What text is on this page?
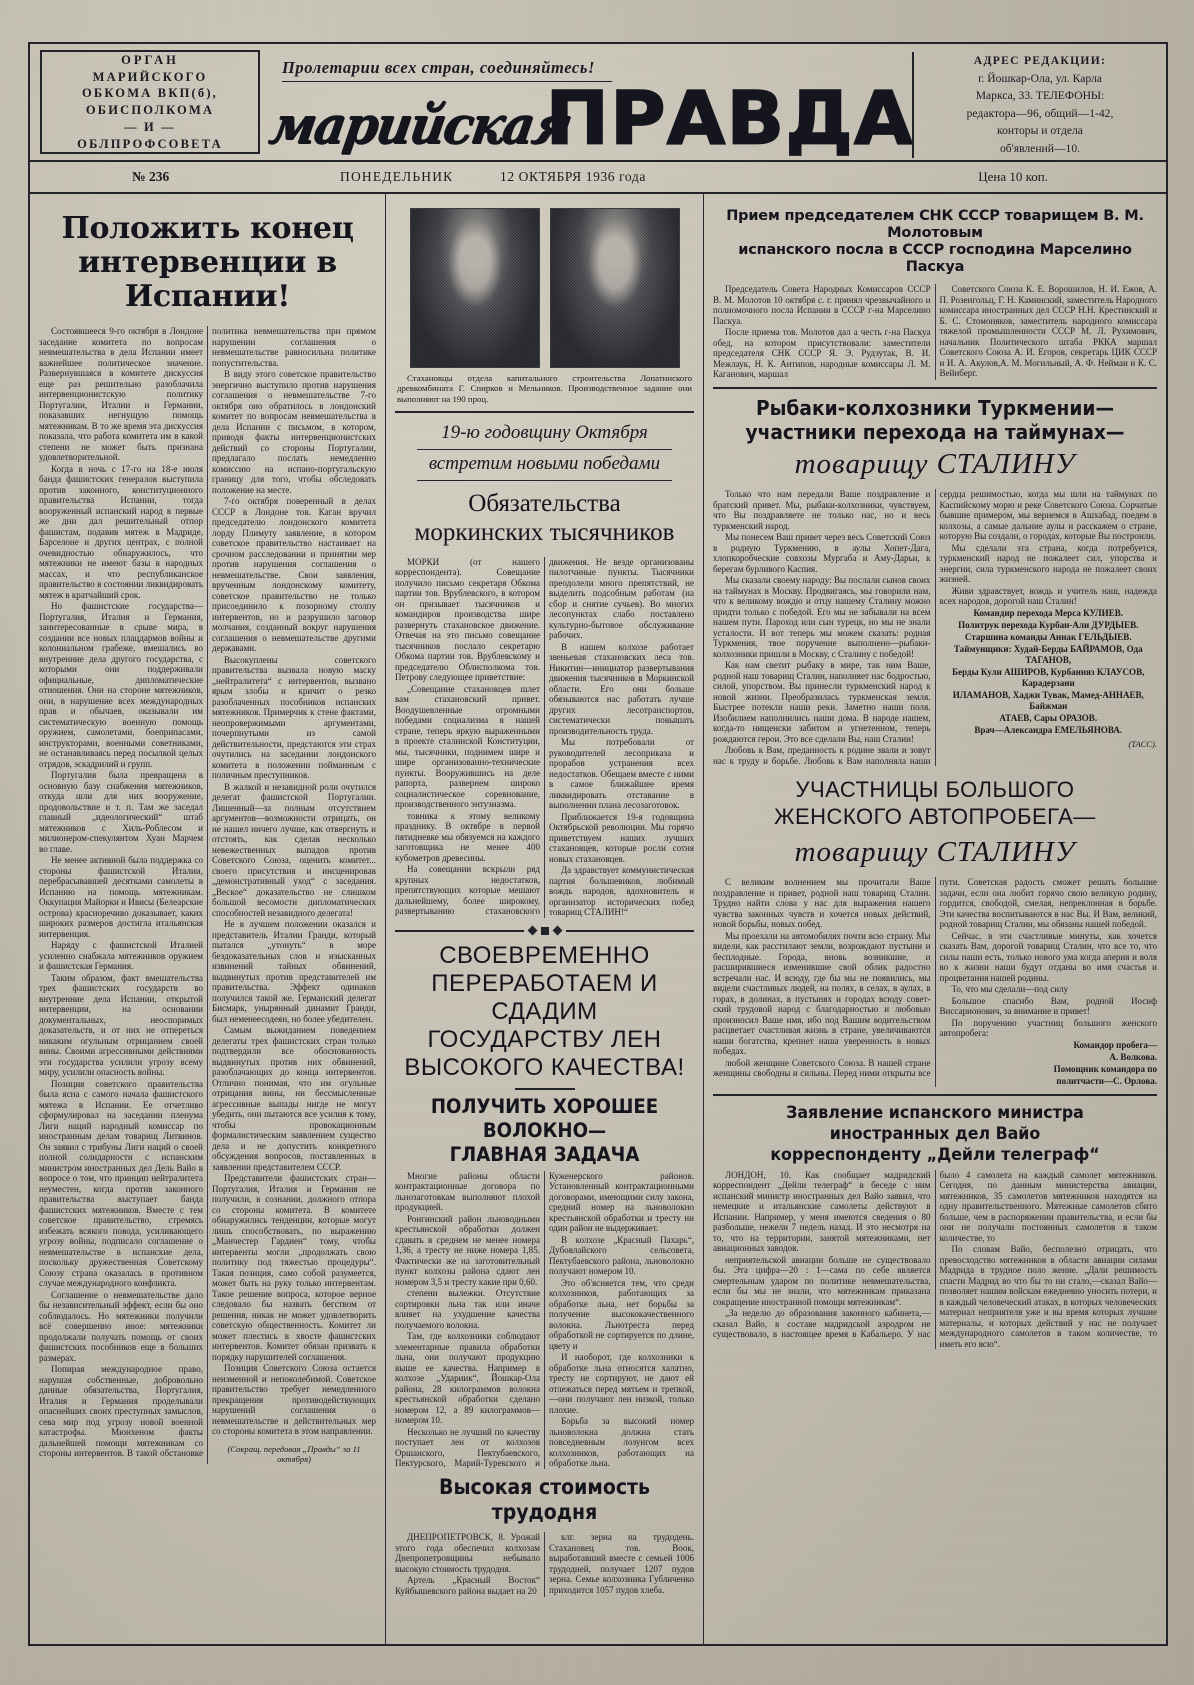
ОРГАН
МАРИЙСКОГО
ОБКОМА ВКП(б),
ОБИСПОЛКОМА
— И —
ОБЛПРОФСОВЕТА
Пролетарии всех стран, соединяйтесь!
марийская
ПРАВДА
АДРЕС РЕДАКЦИИ:
г. Йошкар-Ола, ул. Карла
Маркса, 33. ТЕЛЕФОНЫ:
редактора—96, общий—1-42,
конторы и отдела
об'явлений—10.
№ 236	ПОНЕДЕЛЬНИК	12 ОКТЯБРЯ 1936 года	Цена 10 коп.
Положить конец интервенции в Испании!

Состоявшееся 9-го октября в Лондоне заседание комитета по вопросам невмешательства в дела Испании имеет важнейшее политическое значение. Развернувшаяся в комитете дискуссия еще раз решительно разоблачила интервенционистскую политику Португалии, Италии и Германии, показавших негнущую помощь мятежникам. В то же время эта дискуссия показала, что работа комитета им в какой степени не может быть признана удовлетворительной.

Когда в ночь с 17-го на 18-е июля банда фашистских генералов выступила против законного, конституционного правительства Испании, тогда вооруженный испанский народ в первые же дни дал решительный отпор фашистам, подавив мятеж в Мадриде, Барселоне и других центрах, с полной очевидностью обнаружилось, что мятежники не имеют базы в народных массах, и что республиканское правительство в состоянии ликвидировать мятеж в кратчайший срок.

Но фашистские государства—Португалия, Италия и Германия, заинтересованные в срыве мира, в создании все новых плацдармов войны и колониальном грабеже, вмешались во внутренние дела другого государства, с которыми они поддерживали официальные, дипломатические отношения. Они на стороне мятежников, они, в нарушение всех международных прав и обычаев, оказывали им систематическую военную помощь оружием, самолетами, боеприпасами, инструкторами, военными советниками, не останавливаясь перед посылкой целых отрядов, эскадрилий и групп.

Португалия была превращена в основную базу снабжения мятежников, откуда шли для них вооружение, продовольствие и т. п. Там же заседал главный „идеологический“ штаб мятежников с Хиль-Роблесом и милионером-спекулянтом Хуан Марчем во главе.

Не менее активной была поддержка со стороны фашистской Италии, перебрасывавшей десятками самолеты в Испанию на помощь мятежникам. Оккупация Майорки и Ивисы (Белеарские острова) красноречиво доказывает, каких широких размеров достигла итальянская интервенция.

Наряду с фашистской Италией усиленно снабжала мятежников оружием и фашистская Германия.

Таким образом, факт вмешательства трех фашистских государств во внутренние дела Испании, открытой интервенции, на основании документальных, неоспоримых доказательств, и от них не отпереться никаким огульным отрицанием своей вины. Своими агрессивными действиями эти государства усилили угрозу всему миру, усилили опасность войны.

Позиция советского правительства была ясна с самого начала фашистского мятежа в Испании. Ее отчетливо сформулировал на заседании пленума Лиги наций народный комиссар по иностранным делам товарищ Литвинов. Он заявил с трибуны Лиги наций о своей полной солидарности с испанским министром иностранных дел Дель Вайо в вопросе о том, что принцип нейтралитета неуместен, когда против законного правительства выступает банда фашистских мятежников. Вместе с тем советское правительство, стремясь избежать всякого повода, усиливающего угрозу войны, подписало соглашение о невмешательстве в испанские дела, поскольку дружественная Советскому Союзу страна оказалась в противном случае международного конфликта.

Соглашение о невмешательстве дало бы независительный эффект, если бы оно соблюдалось. Но мятежники получили всё совершенно иное: мятежники продолжали получать помощь от своих фашистских пособников еще в больших размерах.

Попирая международное право, нарушая собственные, добровольно данные обязательства, Португалия, Италия и Германия проделывали опаснейших своих преступных замыслов, сева мир под угрозу новой военной катастрофы. Мюнхеном факты дальнейшей помощи мятежникам со стороны интервентов. В такой обстановке политика невмешательства при прямом нарушении соглашения о невмешательстве равносильна политике попустительства.

В виду этого советское правительство энергично выступило против нарушения соглашения о невмешательстве 7-го октября оно обратилось в лондонский комитет по вопросам невмешательства в дела Испании с письмом, в котором, приводя факты интервенционистских действий со стороны Португалии, предлагало послать немедленно комиссию на испано-португальскую границу для того, чтобы обследовать положение на месте.

7-го октября поверенный в делах СССР в Лондоне тов. Каган вручил председателю лондонского комитета лорду Плимуту заявление, в котором советское правительство настаивает на срочном расследовании и принятии мер против нарушения соглашения о невмешательстве. Свои заявления, врученным лондонскому комитету, советское правительство не только присоединило к позорному столпу интервентов, но и разрушило заговор молчания, созданный вокруг нарушения соглашения о невмешательстве другими державами.

Высокуплены советского правительства вызвала новую маску „нейтралитета“ с интервентов, вызвано ярым злобы и кричит о резко разоблаченных пособников испанских мятежников. Примерчик к стене фактами, неопровержимыми аргументами, почерпнутыми из самой действительности, предстаются эти страх очутились на заседании лондонского комитета в положении пойманным с поличным преступников.

В жалкой и незавидной роли очутился делегат фашистской Португалии. Лишенный—за полным отсутствием аргументов—возможности отрицать, он не нашел ничего лучше, как отвергнуть и отстоять, как сделав несколько невежественных выпадов против Советского Союза, оценить комитет... своего присутствия и инсценировав „демонстративный уход“ с заседания. „Веское“ доказательство не слишком большой весомости дипломатических способностей незавидного делегата!

Не в лучшем положении оказался и представитель Италии Гранди, который пытался „утонуть“ в море бездоказательных слов и изысканных извинений тайных обвинений, выдвинутых против представителей им правительства. Эффект одинаков получился такой же. Германский делегат Бисмарк, унырянный динамит Гранди, был неменеесодеян, но более убедителен.

Самым выжиданием поведением делегаты трех фашистских стран только подтвердили все обоснованность выдвинутых против них обвинений, разоблачающих до конца интервентов. Отлично понимая, что им огульные отрицания вины, ни бессмысленные агрессивные выпады нигде не могут убедить, они пытаются все усилия к тому, чтобы провокационным формалистическим заявлением существо дела и не допустить конкретного обсуждения вопросов, поставленных в заявлении представителем СССР.

Представители фашистских стран—Португалия, Италия и Германия не получили, в сознании, должного отпора со стороны комитета. В комитете обнаружились тенденции, которые могут лишь способствовать, по выражению „Манчестер Гардиен“ тому, чтобы интервенты могли „продолжать свою политику под тяжестью процедуры“. Такая позиция, само собой разумеется, может быть на руку только интервентам. Такое решение вопроса, которое верное следовало бы назвать бегством от решения, никак не может удовлетворить советскую общественность. Комитет ли может плестись в хвосте фашистских интервентов. Комитет обязан призвать к порядку нарушителей соглашения.

Позиция Советского Союза остается неизменной и непоколебимой. Советское правительство требует немедленного прекращения противодействующих нарушений соглашения о невмешательстве и действительных мер со стороны комитета в этом направлении.

(Сокращ. передовая „Правды“ за 11 октября)
Стахановцы отдела капитального строительства Лопатинского древкомбината Г. Спирков и Мельников. Производственное задание они выполняют на 190 проц.
19-ю годовщину Октября
встретим новыми победами
Обязательства
моркинских тысячников

МОРКИ (от нашего корреспондента). Совещание получило письмо секретаря Обкома партии тов. Врублевского, в котором он призывает тысячников и командиров производства шире развернуть стахановское движение. Отвечая на это письмо совещание тысячников послало секретарю Обкома партии тов. Врублевскому и председателю Облисполкома тов. Петрову следующее приветствие:

„Совещание стахановцев шлет вам стахановский привет. Воодушевленные огромными победами социализма в нашей стране, теперь яркую выраженными в проекте сталинской Конституции, мы, тысячники, поднимем шире и шире организованно-технические пункты. Вооружившись на деле рапорта, развернем широко социалистическое соревнование, производственного энтузиазма.

товника к этому великому празднику. В октябре в первой пятидневке мы обязуемся на каждого заготовщика не менее 400 кубометров древесины.

На совещании вскрыли ряд крупных недостатков, препятствующих которые мешают дальнейшему, более широкому, развертыванию стахановского движения. Не везде организованы пилотчиные пункты. Тысячники преодолели много препятствий, не выделить подсобным работам (на сбор и снятие сучьев). Во многих лесопунктах слабо поставлено культурно-бытовое обслуживание рабочих.

В нашем колхозе работает звеньевая стахановских леса тов. Никитин—инициатор развертывания движения тысячников в Моркинской области. Его они больше обязываются нас работать лучше других лесотранспортов, систематически повышать производительность труда.

Мы потребовали от руководителей лесоприказа и прорабов устранения всех недостатков. Обещаем вместе с ними в самое ближайшее время ликвидировать отставание в выполнении плана лесозаготовок.

Приближается 19-я годовщина Октябрьской революции. Мы горячо приветствуем наших лучших стахановцев, которые росли сотня новых стахановцев.

Да здравствует коммунистическая партия большевиков, любимый вождь народов, вдохновитель и организатор исторических побед товарищ СТАЛИН!“

СВОЕВРЕМЕННО ПЕРЕРАБОТАЕМ И СДАДИМ
ГОСУДАРСТВУ ЛЕН ВЫСОКОГО КАЧЕСТВА!
ПОЛУЧИТЬ ХОРОШЕЕ ВОЛОКНО—
ГЛАВНАЯ ЗАДАЧА

Многие районы области контрактационные договора по льнозаготовкам выполняют плохой продукцией.

Ронгинский район льноводными крестьянской обработки должен сдавать в среднем не менее номера 1,36, а тресту не ниже номера 1,85. Фактически же на заготовительный пункт колхозы района сдают лен номером 3,5 и тресту какие при 0,60.

степени вылежки. Отсутствие сортировки льна так или иначе влияет на ухудшение качества получаемого волокна.

Там, где колхозники соблюдают элементарные правила обработки льна, они получают продукцию выше ее качества. Например в колхозе „Удариик“, Йошкар-Ола района, 28 килограммов волокна крестьянской обработки сделано номером 12, а 89 килограммов—номером 10.

Несколько не лучший по качеству поступает лен от колхозов Оршанского, Пектубаевского, Пектурского, Марий-Турекского и Куженерского районов. Установленный контрактационными договорами, имеющими силу закона, средний номер на льноволокно крестьянской обработки и тресту ни один район не выдерживает.

В колхозе „Красный Пахарь“, Дубовлайского сельсовета, Пектубаевского района, льноволокно получают номером 10.

Это об'ясняется тем, что среди колхозников, работающих за обработке льна, нет борьбы за получение высококачественного волокна. Льнотреста перед обработкой не сортируется по длине, цвету и

И наоборот, где колхозники к обработке льна относятся халатно, тресту не сортируют, не дают ей отлежаться перед мятьем и трепкой,—они получают лен низкой, только плохие.

Борьба за высокий номер льноволокна должна стать повседневным лозунгом всех колхозников, работающих на обработке льна.

Высокая стоимость трудодня

ДНЕПРОПЕТРОВСК, 8. Урожай этого года обеспечил колхозам Днепропетровщины небывало высокую стоимость трудодня.

Артель „Красный Восток“ Куйбышевского района выдает на 20

клг. зерна на трудодень. Стахановец тов. Воок, выработавший вместе с семьей 1006 трудодней, получает 1207 пудов зерна. Семье колхозника Губличенко приходится 1057 пудов хлеба.

Прием председателем СНК СССР товарищем В. М. Молотовым
испанского посла в СССР господина Марселино Паскуа

Председатель Совета Народных Комиссаров СССР В. М. Молотов 10 октября с. г. принял чрезвычайного и полномочного посла Испании в СССР г-на Марселино Паскуа.

После приема тов. Молотов дал а честь г-на Паскуа обед, на котором присутствовали: заместители председателя СНК СССР Я. Э. Рудзутак, В. И. Межлаук, Н. К. Антипов, народные комиссары Л. М. Каганович, маршал

Советского Союза К. Е. Ворошилов, Н. И. Ежов, А. П. Розенгольц, Г. Н. Каминский, заместитель Народного комиссара иностранных дел СССР Н.Н. Крестинский и Б. С. Стомоняков, заместитель народного комиссара тяжелой промышленности СССР М. Л. Рухимович, начальник Политического штаба РККА маршал Советского Союза А. И. Егоров, секретарь ЦИК СССР и И. А. Акулов,А. М. Могильный, А. Ф. Неймаи и К. С. Вейнберг.

Рыбаки-колхозники Туркмении—
участники перехода на таймунах—
товарищу СТАЛИНУ

Только что нам передали Ваше поздравление и братский привет. Мы, рыбаки-колхозники, чувствуем, что Вы поздравляете не только нас, но и весь туркменский народ.

Мы понесем Ваш привет через весь Советский Союз в родную Туркмению, в аулы Хопет-Дага, хлопкоробческие совхозы Мургаба и Аму-Дарьи, к берегам бурливого Каспия.

Мы сказали своему народу: Вы послали сынов своих на таймунах в Москву. Продвигаясь, мы говорили нам, что к великому вождю и отцу нашему Сталину можно придти только с победой. Его мы не забывали на всем нашем пути. Пароход или сын турецк, но мы не знали усталости. И вот теперь мы можем сказать: родная Туркмения, твое поручение выполнено—рыбаки-колхозники пришли в Москву, с Сталину с победой!

Как нам светит рыбаку в мире, так ним Ваше, родной наш товарищ Сталин, наполняет нас бодростью, силой, упорством. Вы принесли туркменский народ к новой жизни. Преобразилась туркменская земля. Быстрее потекли наши реки. Заметно наши поля. Изобилием наполнились наши дома. В народе нашем, когда-то нищенски забитом и угнетенном, теперь рождаются герои. Это все сделали Вы, наш Сталин!

Любовь к Вам, преданность к родине звали и зовут нас к труду и борьбе. Любовь к Вам наполняла наши сердца решимостью, когда мы шли на таймунах по Каспийскому морю и реке Советского Союза. Сорчатые бывшие примером, мы вернемся в Ашхабад, поедем в колхозы, а самые дальние аулы и расскажем о стране, которую Вы создали, о городах, которые Вы построили.

Мы сделали эта страна, когда потребуется, туркменский народ не пожалеет сил, упорства и энергии, сила туркменского народа не пожалеет своих жизней.

Живи здравствует, вождь и учитель наш, надежда всех народов, дорогой наш Сталин!

Командир перехода Мерса КУЛИЕВ.
Политрук перехода Курбан-Али ДУРДЫЕВ.
Старшина команды Аннак ГЕЛЬДЫЕВ.
Таймунщики: Худай-Берды БАЙРАМОВ, Ода ТАГАНОВ,
Берды Кули АШИРОВ, Курбанняз КЛАУСОВ, Карадерзани
ИЛАМАНОВ, Хаджи Тувак, Мамед-АННАЕВ, Байжман
АТАЕВ, Сары ОРАЗОВ.
Врач—Александра ЕМЕЛЬЯНОВА.
(ТАСС).
УЧАСТНИЦЫ БОЛЬШОГО
ЖЕНСКОГО АВТОПРОБЕГА—
товарищу СТАЛИНУ

С великим волнением мы прочитали Ваше поздравление и привет, родной наш товарищ Сталин. Трудно найти слова у нас для выражения нашего чувства законных чувств и хочется новых действий, новой борьбы, новых побед.

Мы проехали на автомобилях почти всю страну. Мы видели, как расстилают земли, возрождают пустыни и бесплодные. Города, вновь возникшие, и расширившиеся изменившие свой облик радостно встречали нас. И всюду, где бы мы не появились, мы видели счастливых людей, на полях, в селах, в аулах, в горах, в долинах, в пустынях и городах всюду совет-ский трудовой народ с благодарностью и любовью произносил Ваше имя, ибо под Вашим водительством расцветает счастливая жизнь в стране, увеличиваются наши богатства, крепнет наша уверенность в новых победах.

любой женщине Советского Союза. В нашей стране женщины свободны и сильны. Перед ними открыты все пути. Советская радость сможет решать большие задачи, если она любит горячо свою великую родину, гордится, свободой, смелая, непреклонная в борьбе. Эти качества воспитываются в нас Вы. И Вам, великий, родной товарищ Сталин, мы обязаны нашей победой.

Сейчас, в эти счастливые минуты, как хочется сказать Вам, дорогой товарищ Сталин, что все то, что силы наши есть, только нового ума когда аперия и воля во к жизни наши будут отданы во имя счастья и процветания нашей родины.

То, что мы сделали—под силу

Большое спасибо Вам, родной Иосиф Виссарионович, за внимание и привет!

По поручению участниц большого женского автопробега:

Командор пробега—
А. Волкова.
Помощник командора по
политчасти—С. Орлова.
Заявление испанского министра иностранных дел Вайо
корреспонденту „Дейли телеграф“

ЛОНДОН, 10. Как сообщает мадридский корреспондент „Дейли телеграф“ в беседе с ним испанский министр иностранных дел Вайо заявил, что немецкие и итальянские самолеты действуют в Испании. Например, у меня имеются сведения о 80 разбольше, нежели 7 недель назад. И это несмотря на то, что на территории, занятой мятежниками, нет авиационных заводов.

неприятельской авиации больше не существовало бы. Эта цифра—20 : 1—сама по себе является смертельным ударом по политике невмешательства, если бы мы не знали, что мятежникам приказана сокращение иностранной помощи мятежникам“.

„За неделю до образования законного кабинета,—сказал Вайо, в составе мадридской аэродром не существовало, в настоящее время в Кабальеро. У нас было 4 самолета на каждый самолет мятежников. Сегодня, по данным министерства авиации, мятежников, 35 самолетов мятежников находятся на одну правительственного. Мятежные самолетов сбито больше, чем в распоряжении правительства, и если бы они не получали постоянных самолетов в таком количестве, то

По словам Вайо, бесполезно отрицать, что превосходство мятежников в области авиации силами Мадрида в трудное поло жение. „Дали решимость спасти Мадрид во что бы то ни стало,—сказал Вайо—позволяет нашим войскам ежедневно уносить потери, и в каждый человеческий атаках, в которых человеческих материал неприятеля уже и вы время которых лучшие материалы, и которых действий у нас не получает международного самолетов в таком количестве, то иметь его всю“.
